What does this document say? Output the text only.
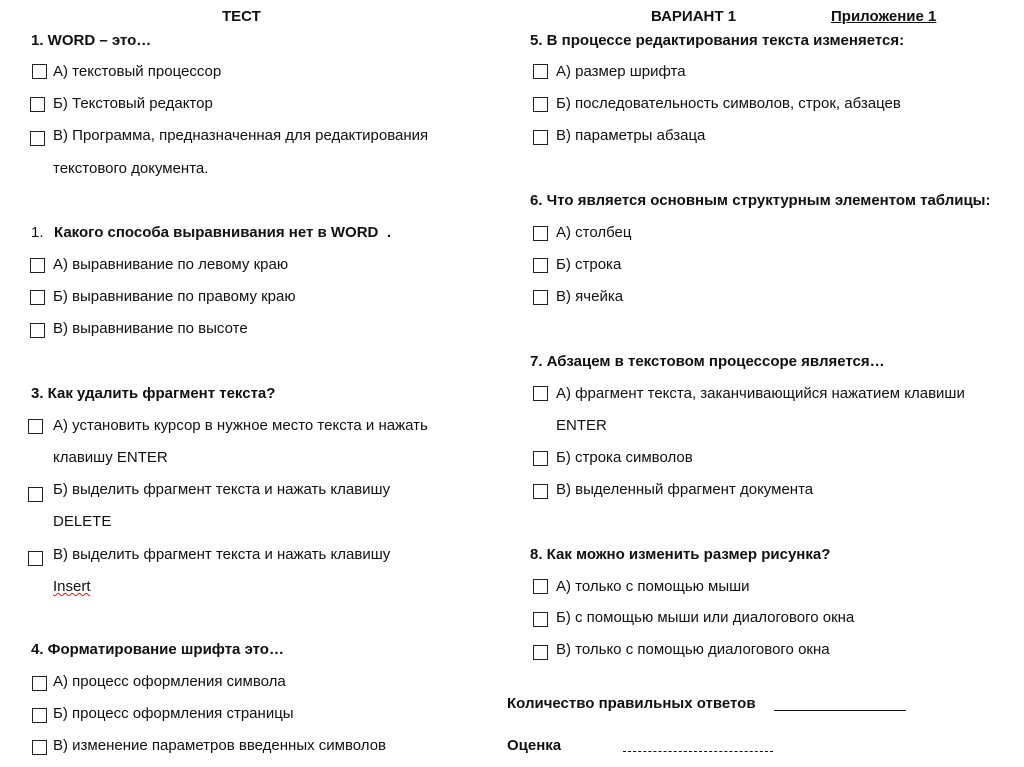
ТЕСТ	ВАРИАНТ 1	Приложение 1
1. WORD – это…
А) текстовый процессор
Б) Текстовый редактор
В) Программа, предназначенная для редактирования
текстового документа.
1. Какого способа выравнивания нет в WORD .
А) выравнивание по левому краю
Б) выравнивание по правому краю
В) выравнивание по высоте
3. Как удалить фрагмент текста?
А) установить курсор в нужное место текста и нажать
клавишу ENTER
Б) выделить фрагмент текста и нажать клавишу
DELETE
В) выделить фрагмент текста и нажать клавишу
Insert
4. Форматирование шрифта это…
А) процесс оформления символа
Б) процесс оформления страницы
В) изменение параметров введенных символов
5. В процессе редактирования текста изменяется:
А) размер шрифта
Б) последовательность символов, строк, абзацев
В) параметры абзаца
6. Что является основным структурным элементом таблицы:
А) столбец
Б) строка
В) ячейка
7. Абзацем в текстовом процессоре является…
А) фрагмент текста, заканчивающийся нажатием клавиши
ENTER
Б) строка символов
В) выделенный фрагмент документа
8. Как можно изменить размер рисунка?
А) только с помощью мыши
Б) с помощью мыши или диалогового окна
В) только с помощью диалогового окна
Количество правильных ответов
Оценка
